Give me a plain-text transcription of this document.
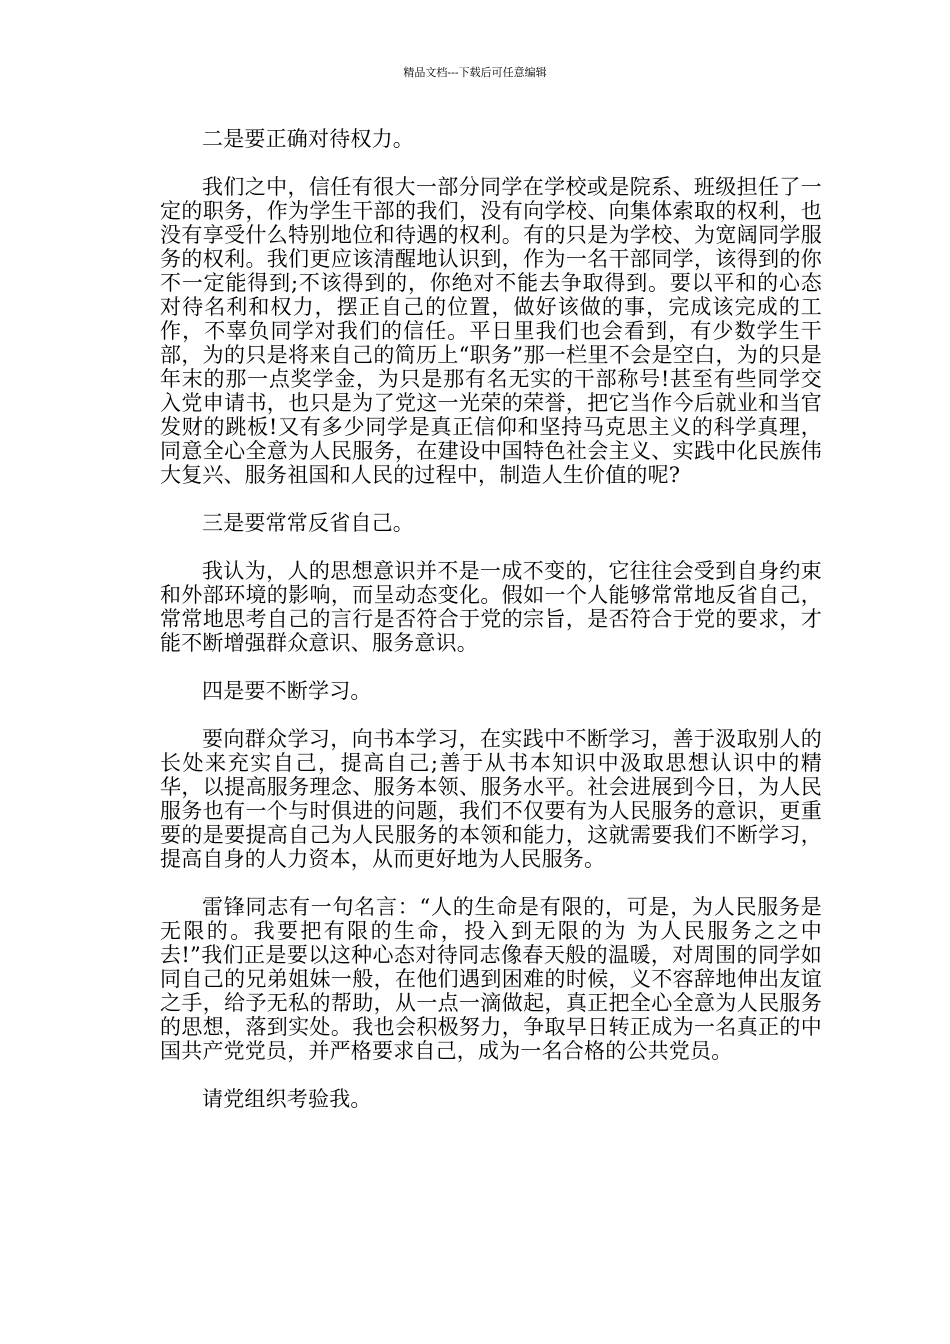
精品文档---下载后可任意编辑

二是要正确对待权力。

我们之中，信任有很大一部分同学在学校或是院系、班级担任了一定的职务，作为学生干部的我们，没有向学校、向集体索取的权利，也没有享受什么特别地位和待遇的权利。有的只是为学校、为宽阔同学服务的权利。我们更应该清醒地认识到，作为一名干部同学，该得到的你不一定能得到;不该得到的，你绝对不能去争取得到。要以平和的心态对待名利和权力，摆正自己的位置，做好该做的事，完成该完成的工作，不辜负同学对我们的信任。平日里我们也会看到，有少数学生干部，为的只是将来自己的简历上“职务”那一栏里不会是空白，为的只是年末的那一点奖学金，为只是那有名无实的干部称号!甚至有些同学交入党申请书，也只是为了党这一光荣的荣誉，把它当作今后就业和当官发财的跳板!又有多少同学是真正信仰和坚持马克思主义的科学真理，同意全心全意为人民服务，在建设中国特色社会主义、实践中化民族伟大复兴、服务祖国和人民的过程中，制造人生价值的呢?

三是要常常反省自己。

我认为，人的思想意识并不是一成不变的，它往往会受到自身约束和外部环境的影响，而呈动态变化。假如一个人能够常常地反省自己，常常地思考自己的言行是否符合于党的宗旨，是否符合于党的要求，才能不断增强群众意识、服务意识。

四是要不断学习。

要向群众学习，向书本学习，在实践中不断学习，善于汲取别人的长处来充实自己，提高自己;善于从书本知识中汲取思想认识中的精华，以提高服务理念、服务本领、服务水平。社会进展到今日，为人民服务也有一个与时俱进的问题，我们不仅要有为人民服务的意识，更重要的是要提高自己为人民服务的本领和能力，这就需要我们不断学习，提高自身的人力资本，从而更好地为人民服务。

雷锋同志有一句名言：“人的生命是有限的，可是，为人民服务是无限的。我要把有限的生命，投入到无限的为 为人民服务之之中去!”我们正是要以这种心态对待同志像春天般的温暖，对周围的同学如同自己的兄弟姐妹一般，在他们遇到困难的时候，义不容辞地伸出友谊之手，给予无私的帮助，从一点一滴做起，真正把全心全意为人民服务的思想，落到实处。我也会积极努力，争取早日转正成为一名真正的中国共产党党员，并严格要求自己，成为一名合格的公共党员。

请党组织考验我。
